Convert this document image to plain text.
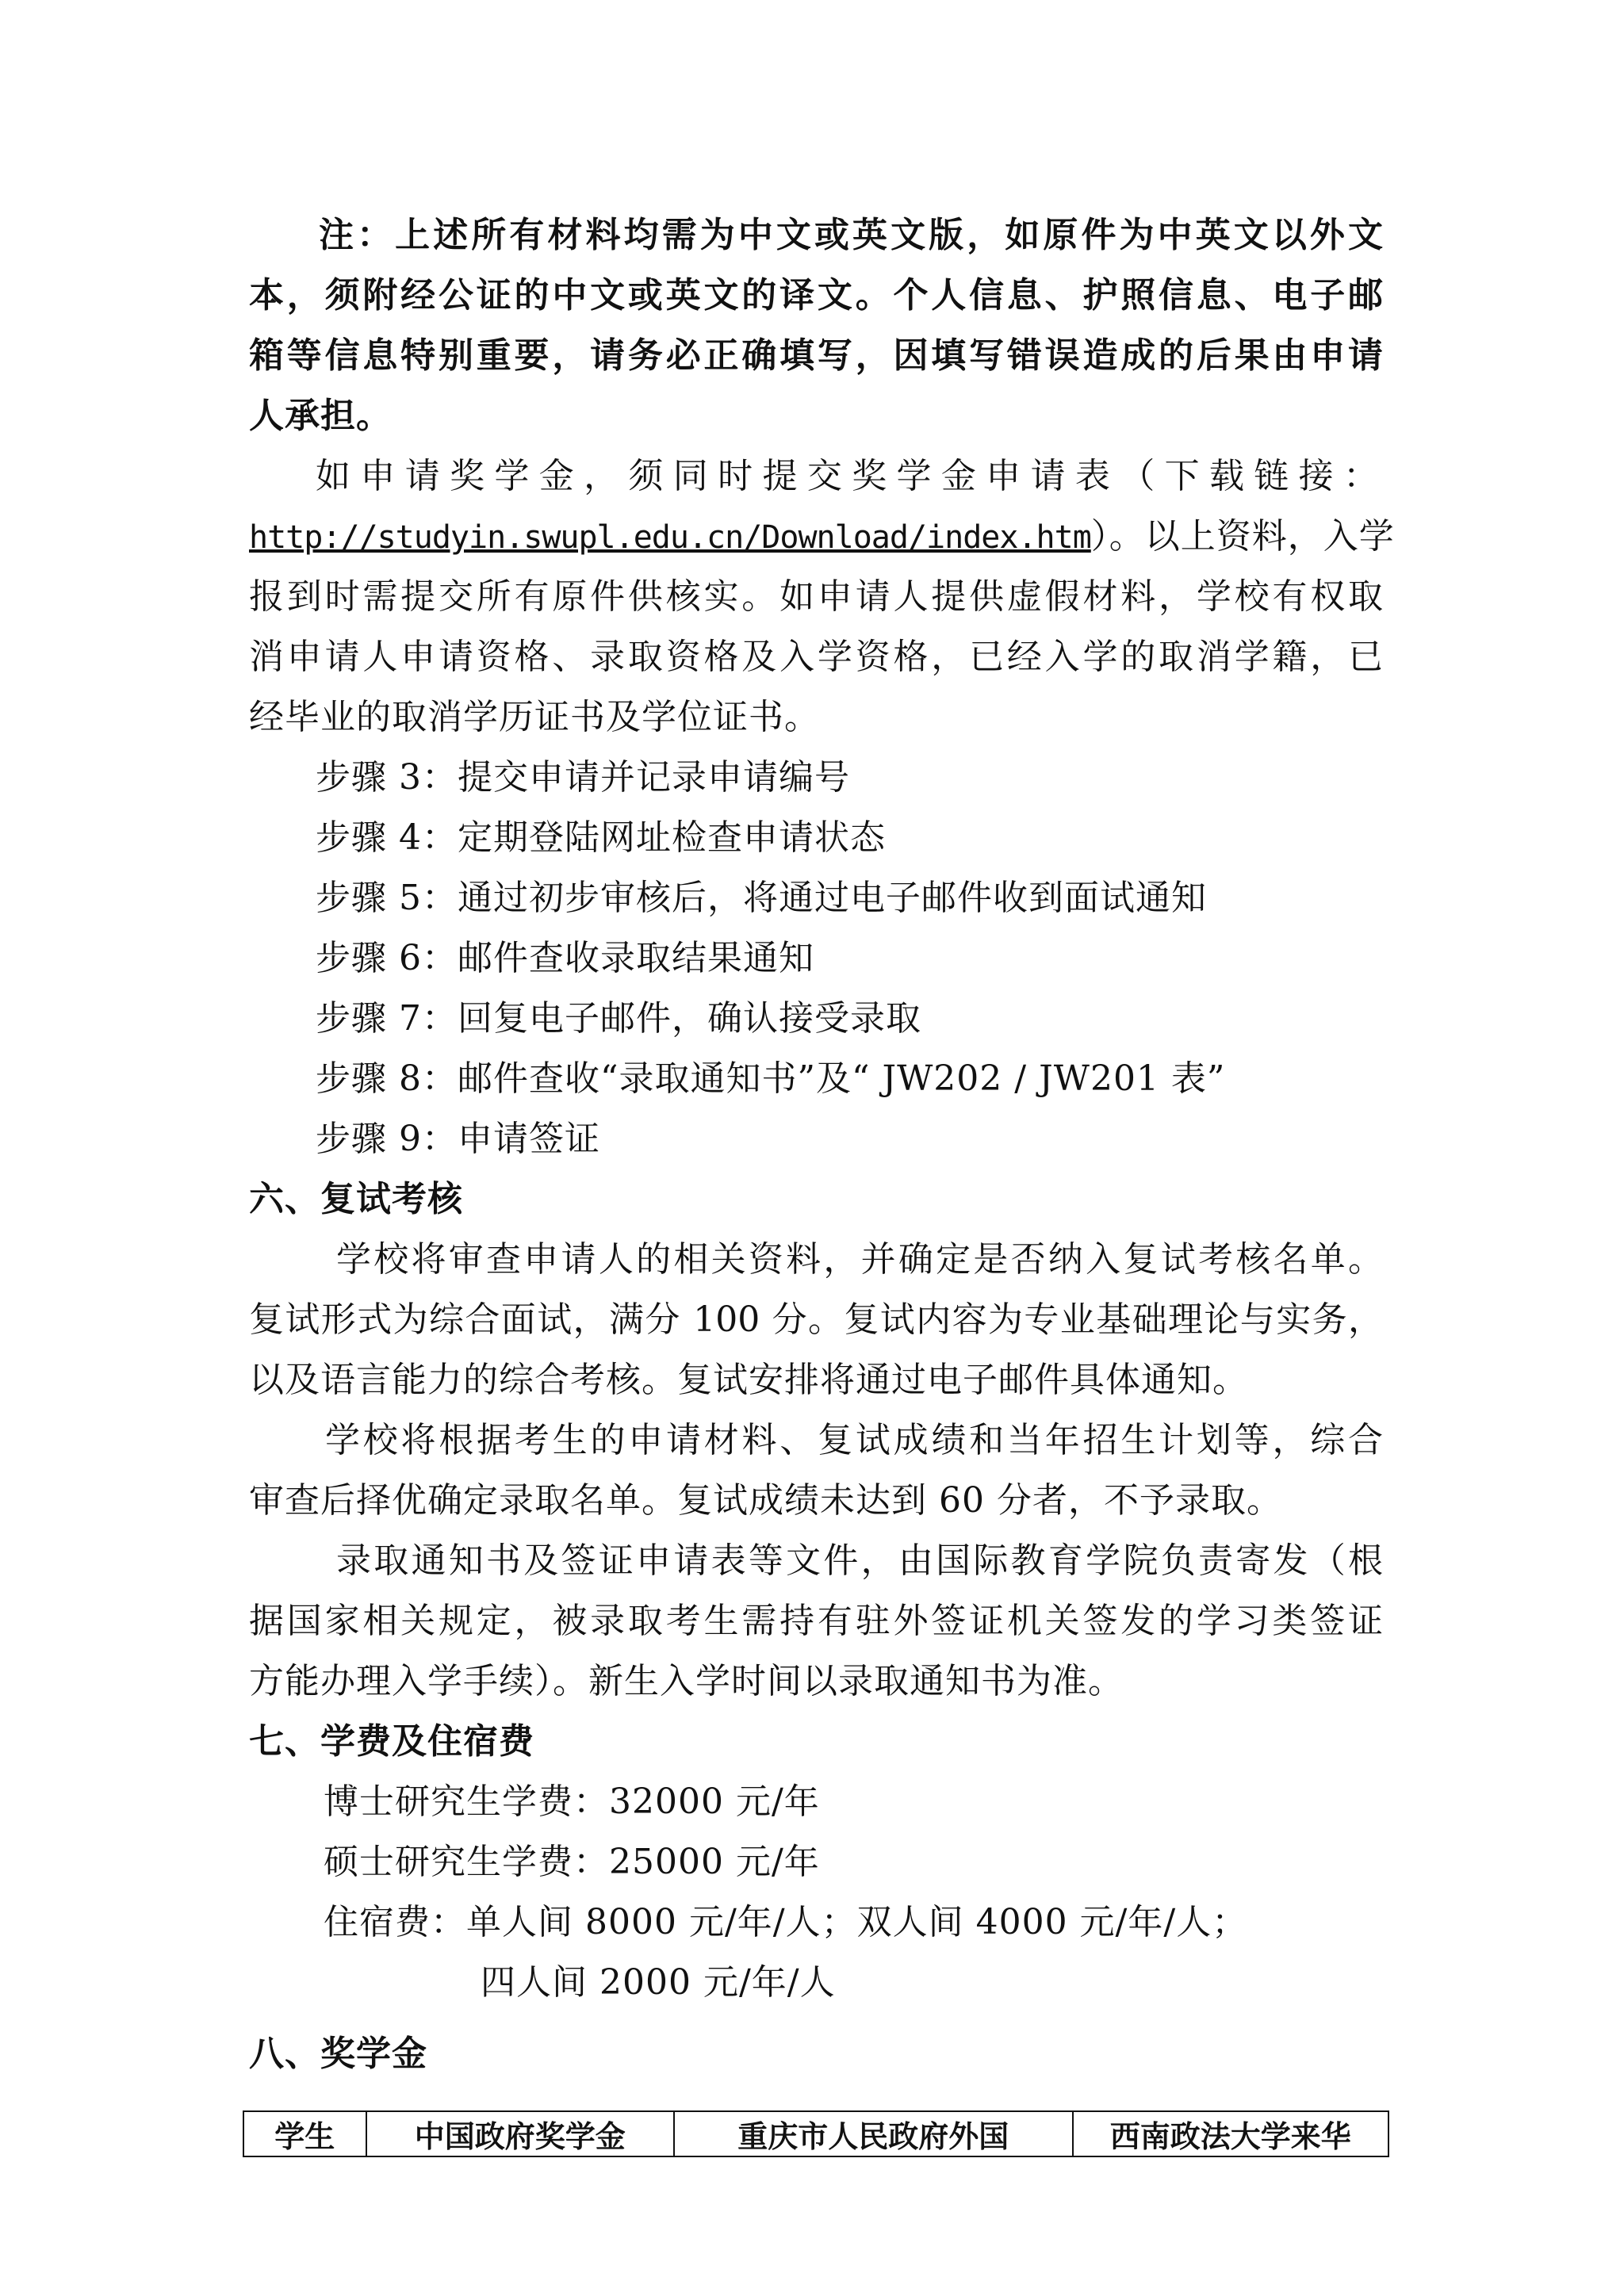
注：上述所有材料均需为中文或英文版，如原件为中英文以外文
本，须附经公证的中文或英文的译文。个人信息、护照信息、电子邮
箱等信息特别重要，请务必正确填写，因填写错误造成的后果由申请
人承担。
如申请奖学金，须同时提交奖学金申请表（下载链接：
http://studyin.swupl.edu.cn/Download/index.htm）。以上资料，入学
报到时需提交所有原件供核实。如申请人提供虚假材料，学校有权取
消申请人申请资格、录取资格及入学资格，已经入学的取消学籍，已
经毕业的取消学历证书及学位证书。
步骤 3：提交申请并记录申请编号
步骤 4：定期登陆网址检查申请状态
步骤 5：通过初步审核后，将通过电子邮件收到面试通知
步骤 6：邮件查收录取结果通知
步骤 7：回复电子邮件，确认接受录取
步骤 8：邮件查收“录取通知书”及“ JW202 / JW201 表”
步骤 9：申请签证
六、复试考核
学校将审查申请人的相关资料，并确定是否纳入复试考核名单。
复试形式为综合面试，满分 100 分。复试内容为专业基础理论与实务，
以及语言能力的综合考核。复试安排将通过电子邮件具体通知。
学校将根据考生的申请材料、复试成绩和当年招生计划等，综合
审查后择优确定录取名单。复试成绩未达到 60 分者，不予录取。
录取通知书及签证申请表等文件，由国际教育学院负责寄发（根
据国家相关规定，被录取考生需持有驻外签证机关签发的学习类签证
方能办理入学手续）。新生入学时间以录取通知书为准。
七、学费及住宿费
博士研究生学费：32000 元/年
硕士研究生学费：25000 元/年
住宿费：单人间 8000 元/年/人；双人间 4000 元/年/人；
四人间 2000 元/年/人
八、奖学金
学生	中国政府奖学金	重庆市人民政府外国	西南政法大学来华
